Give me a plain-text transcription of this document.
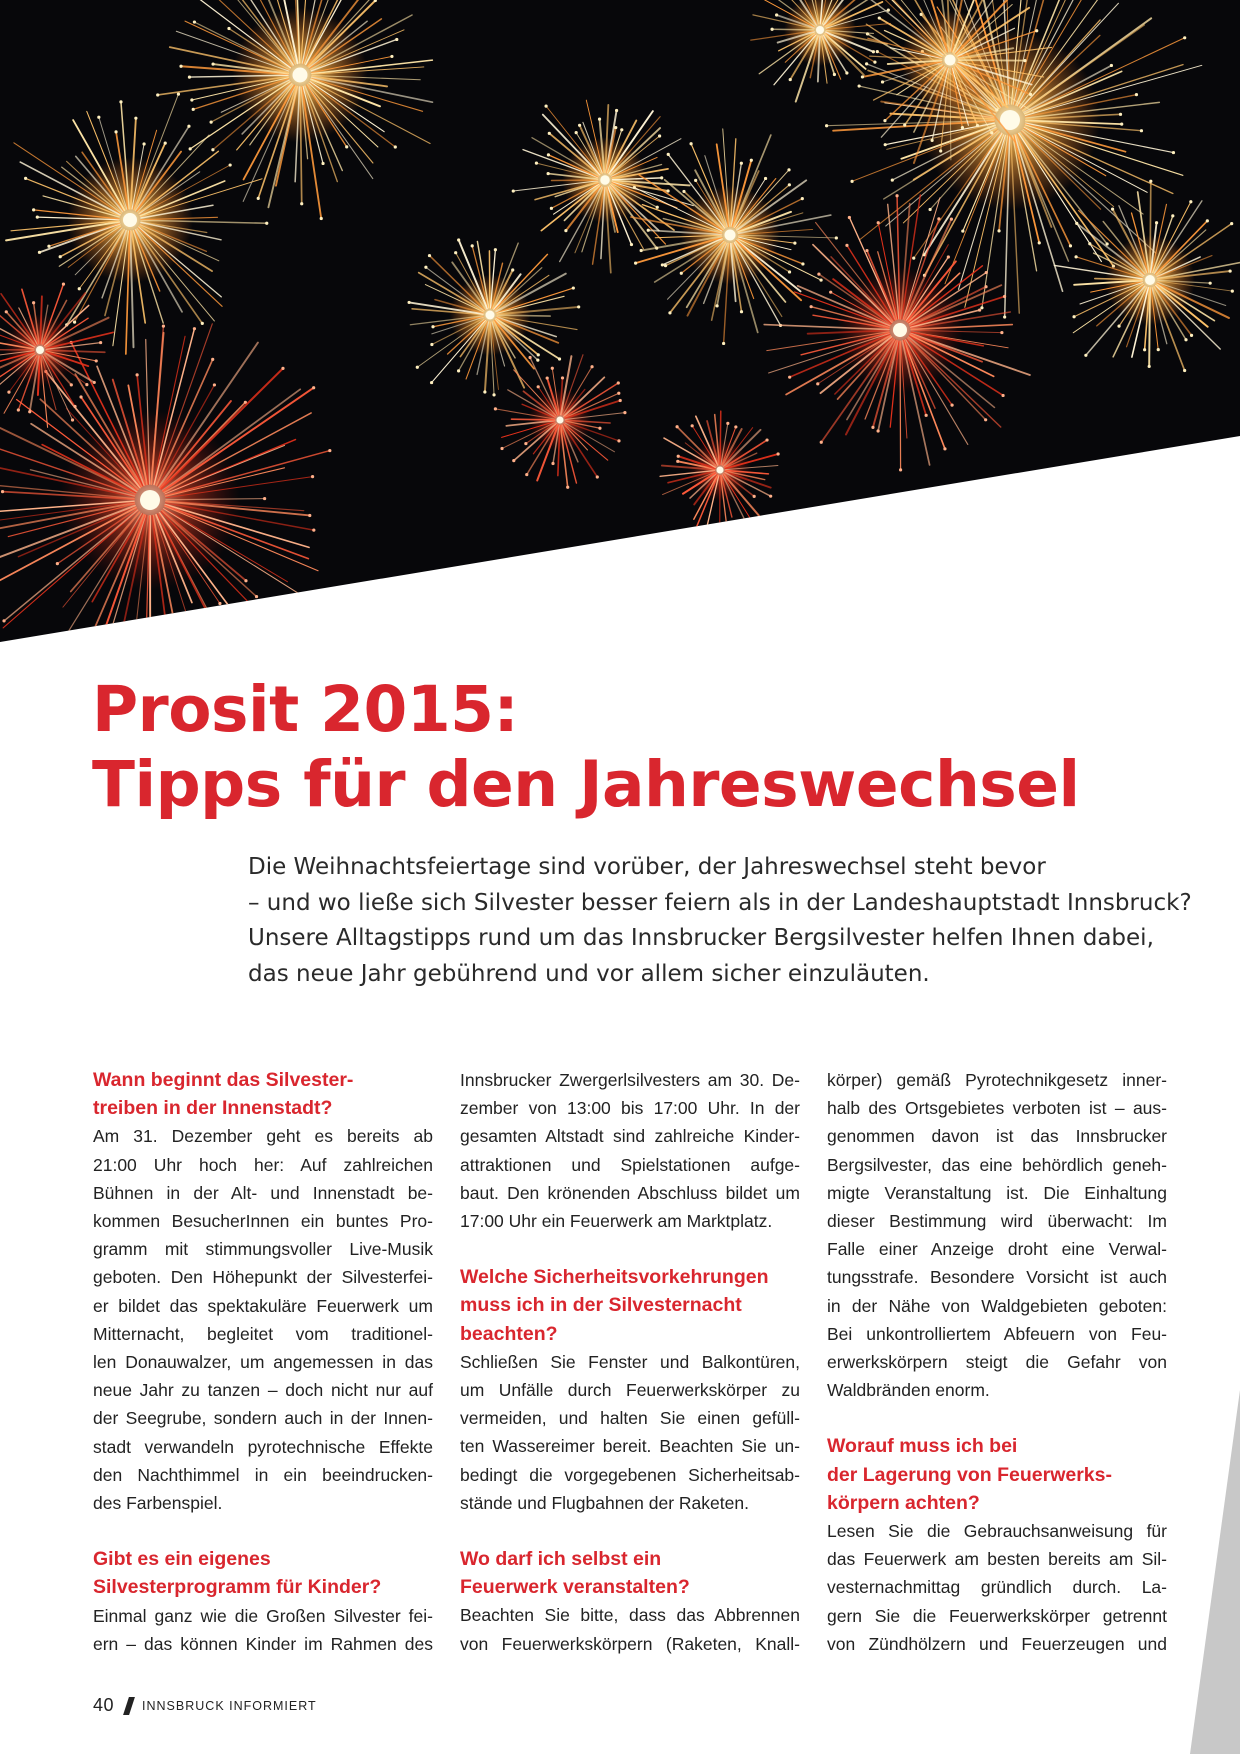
Prosit 2015:
Tipps für den Jahreswechsel
Die Weihnachtsfeiertage sind vorüber, der Jahreswechsel steht bevor
– und wo ließe sich Silvester besser feiern als in der Landeshauptstadt Innsbruck?
Unsere Alltagstipps rund um das Innsbrucker Bergsilvester helfen Ihnen dabei,
das neue Jahr gebührend und vor allem sicher einzuläuten.
Wann beginnt das Silvester-
treiben in der Innenstadt?
Am 31. Dezember geht es bereits ab
21:00 Uhr hoch her: Auf zahlreichen
Bühnen in der Alt- und Innenstadt be-
kommen BesucherInnen ein buntes Pro-
gramm mit stimmungsvoller Live-Musik
geboten. Den Höhepunkt der Silvesterfei-
er bildet das spektakuläre Feuerwerk um
Mitternacht, begleitet vom traditionel-
len Donauwalzer, um angemessen in das
neue Jahr zu tanzen – doch nicht nur auf
der Seegrube, sondern auch in der Innen-
stadt verwandeln pyrotechnische Effekte
den Nachthimmel in ein beeindrucken-
des Farbenspiel.
Gibt es ein eigenes
Silvesterprogramm für Kinder?
Einmal ganz wie die Großen Silvester fei-
ern – das können Kinder im Rahmen des
Innsbrucker Zwergerlsilvesters am 30. De-
zember von 13:00 bis 17:00 Uhr. In der
gesamten Altstadt sind zahlreiche Kinder-
attraktionen und Spielstationen aufge-
baut. Den krönenden Abschluss bildet um
17:00 Uhr ein Feuerwerk am Marktplatz.
Welche Sicherheitsvorkehrungen
muss ich in der Silvesternacht
beachten?
Schließen Sie Fenster und Balkontüren,
um Unfälle durch Feuerwerkskörper zu
vermeiden, und halten Sie einen gefüll-
ten Wassereimer bereit. Beachten Sie un-
bedingt die vorgegebenen Sicherheitsab-
stände und Flugbahnen der Raketen.
Wo darf ich selbst ein
Feuerwerk veranstalten?
Beachten Sie bitte, dass das Abbrennen
von Feuerwerkskörpern (Raketen, Knall-
körper) gemäß Pyrotechnikgesetz inner-
halb des Ortsgebietes verboten ist – aus-
genommen davon ist das Innsbrucker
Bergsilvester, das eine behördlich geneh-
migte Veranstaltung ist. Die Einhaltung
dieser Bestimmung wird überwacht: Im
Falle einer Anzeige droht eine Verwal-
tungsstrafe. Besondere Vorsicht ist auch
in der Nähe von Waldgebieten geboten:
Bei unkontrolliertem Abfeuern von Feu-
erwerkskörpern steigt die Gefahr von
Waldbränden enorm.
Worauf muss ich bei
der Lagerung von Feuerwerks-
körpern achten?
Lesen Sie die Gebrauchsanweisung für
das Feuerwerk am besten bereits am Sil-
vesternachmittag gründlich durch. La-
gern Sie die Feuerwerkskörper getrennt
von Zündhölzern und Feuerzeugen und
40 INNSBRUCK INFORMIERT
